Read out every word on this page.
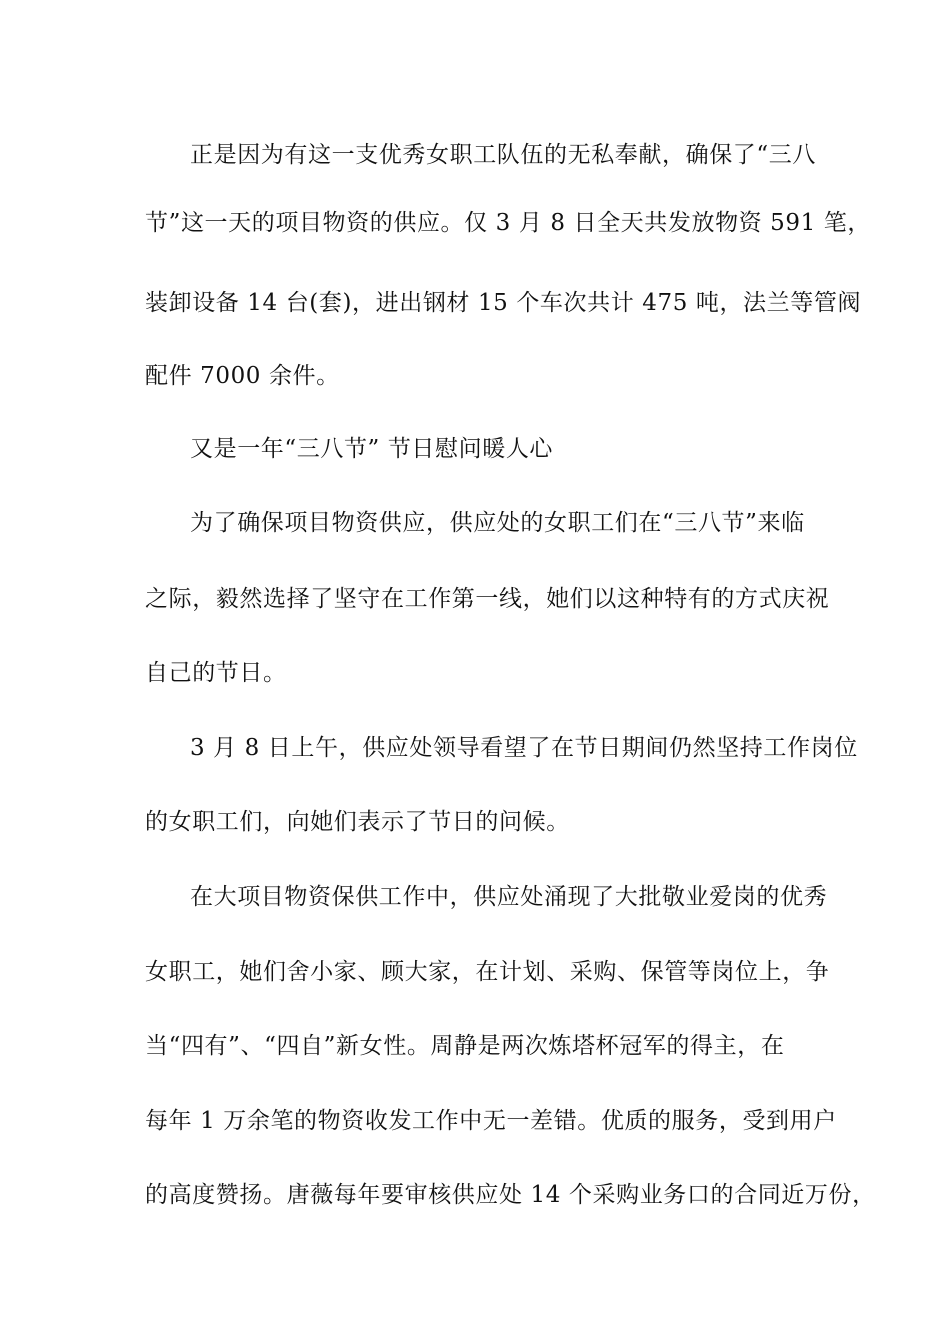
正是因为有这一支优秀女职工队伍的无私奉献，确保了“三八
节”这一天的项目物资的供应。仅 3 月 8 日全天共发放物资 591 笔，
装卸设备 14 台(套)，进出钢材 15 个车次共计 475 吨，法兰等管阀
配件 7000 余件。
又是一年“三八节” 节日慰问暖人心
为了确保项目物资供应，供应处的女职工们在“三八节”来临
之际，毅然选择了坚守在工作第一线，她们以这种特有的方式庆祝
自己的节日。
3 月 8 日上午，供应处领导看望了在节日期间仍然坚持工作岗位
的女职工们，向她们表示了节日的问候。
在大项目物资保供工作中，供应处涌现了大批敬业爱岗的优秀
女职工，她们舍小家、顾大家，在计划、采购、保管等岗位上，争
当“四有”、“四自”新女性。周静是两次炼塔杯冠军的得主，在
每年 1 万余笔的物资收发工作中无一差错。优质的服务，受到用户
的高度赞扬。唐薇每年要审核供应处 14 个采购业务口的合同近万份，
